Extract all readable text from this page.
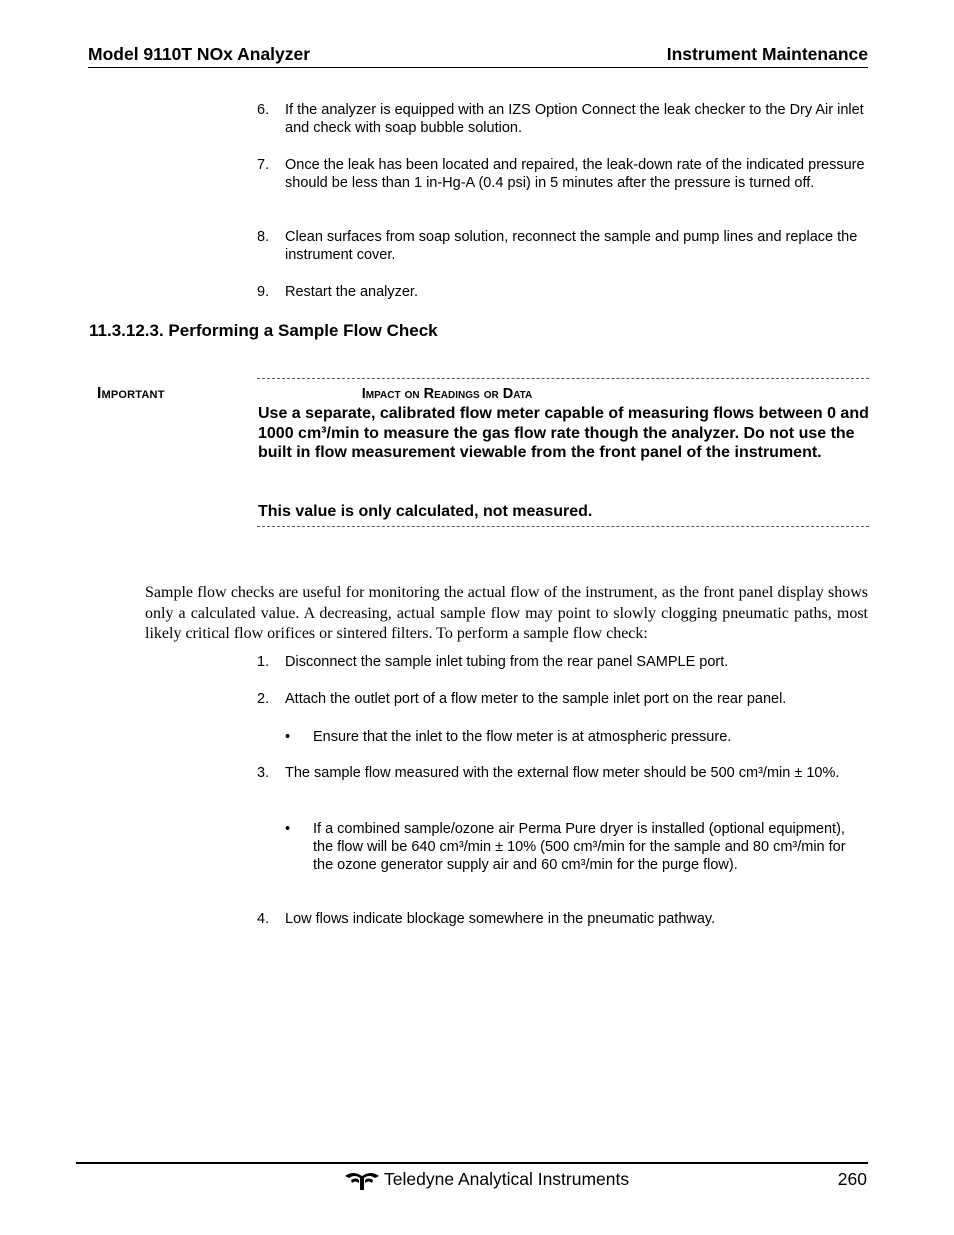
Model 9110T NOx Analyzer	Instrument Maintenance
6. If the analyzer is equipped with an IZS Option Connect the leak checker to the Dry Air inlet and check with soap bubble solution.
7. Once the leak has been located and repaired, the leak-down rate of the indicated pressure should be less than 1 in-Hg-A (0.4 psi) in 5 minutes after the pressure is turned off.
8. Clean surfaces from soap solution, reconnect the sample and pump lines and replace the instrument cover.
9. Restart the analyzer.
11.3.12.3. Performing a Sample Flow Check
Important	Impact on Readings or Data
Use a separate, calibrated flow meter capable of measuring flows between 0 and 1000 cm³/min to measure the gas flow rate though the analyzer. Do not use the built in flow measurement viewable from the front panel of the instrument.
This value is only calculated, not measured.
Sample flow checks are useful for monitoring the actual flow of the instrument, as the front panel display shows only a calculated value. A decreasing, actual sample flow may point to slowly clogging pneumatic paths, most likely critical flow orifices or sintered filters. To perform a sample flow check:
1. Disconnect the sample inlet tubing from the rear panel SAMPLE port.
2. Attach the outlet port of a flow meter to the sample inlet port on the rear panel.
• Ensure that the inlet to the flow meter is at atmospheric pressure.
3. The sample flow measured with the external flow meter should be 500 cm³/min ± 10%.
• If a combined sample/ozone air Perma Pure dryer is installed (optional equipment), the flow will be 640 cm³/min ± 10% (500 cm³/min for the sample and 80 cm³/min for the ozone generator supply air and 60 cm³/min for the purge flow).
4. Low flows indicate blockage somewhere in the pneumatic pathway.
Teledyne Analytical Instruments	260
